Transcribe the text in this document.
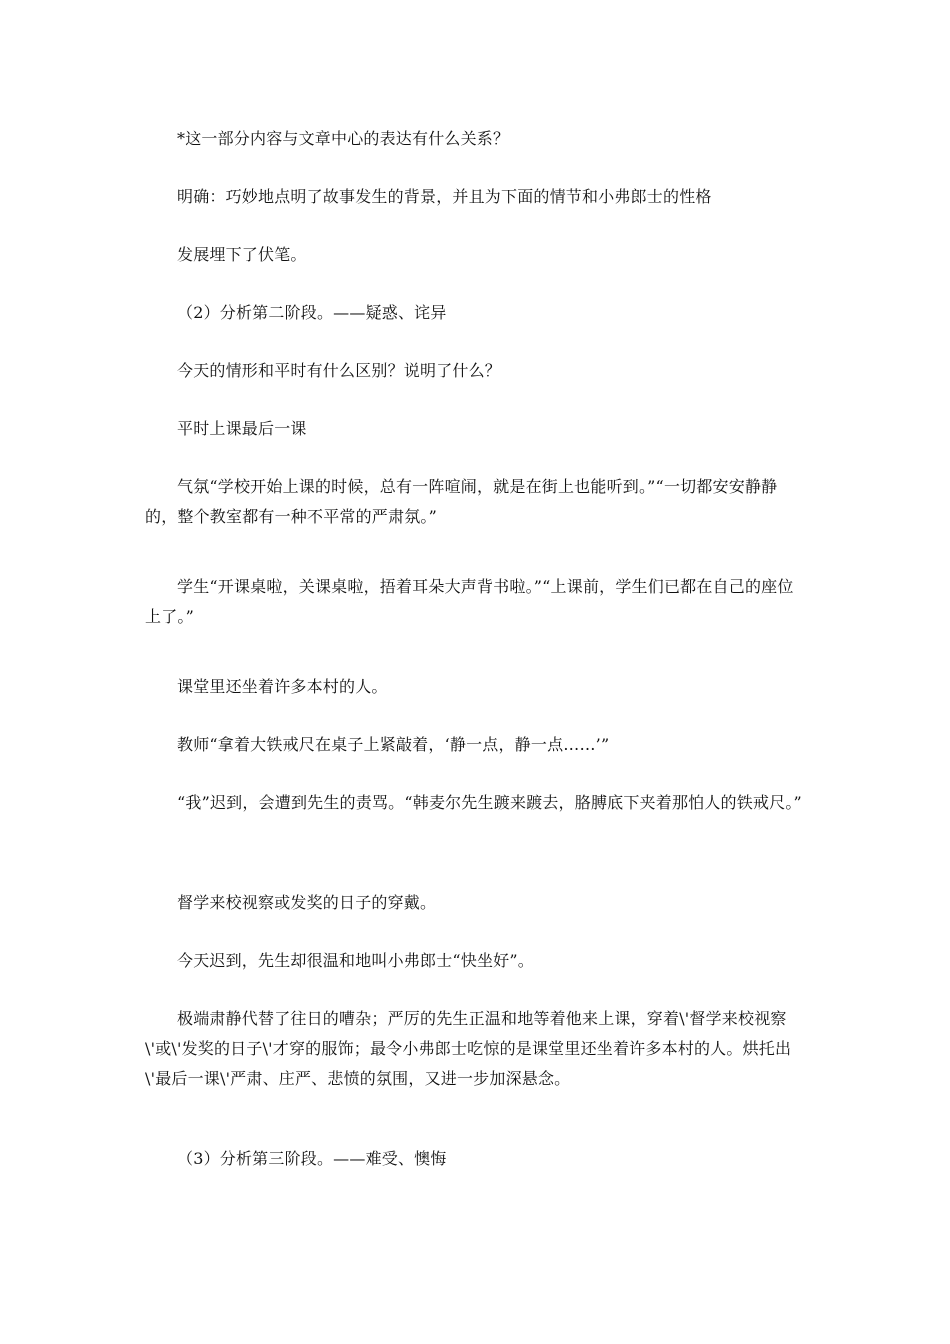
*这一部分内容与文章中心的表达有什么关系？

明确：巧妙地点明了故事发生的背景，并且为下面的情节和小弗郎士的性格

发展埋下了伏笔。

（2）分析第二阶段。——疑惑、诧异

今天的情形和平时有什么区别？说明了什么？

平时上课最后一课

气氛“学校开始上课的时候，总有一阵喧闹，就是在街上也能听到。”“一切都安安静静的，整个教室都有一种不平常的严肃氛。”

学生“开课桌啦，关课桌啦，捂着耳朵大声背书啦。”“上课前，学生们已都在自己的座位上了。”

课堂里还坐着许多本村的人。

教师“拿着大铁戒尺在桌子上紧敲着，‘静一点，静一点……’”

“我”迟到，会遭到先生的责骂。“韩麦尔先生踱来踱去，胳膊底下夹着那怕人的铁戒尺。”

督学来校视察或发奖的日子的穿戴。

今天迟到，先生却很温和地叫小弗郎士“快坐好”。

极端肃静代替了往日的嘈杂；严厉的先生正温和地等着他来上课，穿着\'督学来校视察\'或\'发奖的日子\'才穿的服饰；最令小弗郎士吃惊的是课堂里还坐着许多本村的人。烘托出\'最后一课\'严肃、庄严、悲愤的氛围，又进一步加深悬念。

（3）分析第三阶段。——难受、懊悔
